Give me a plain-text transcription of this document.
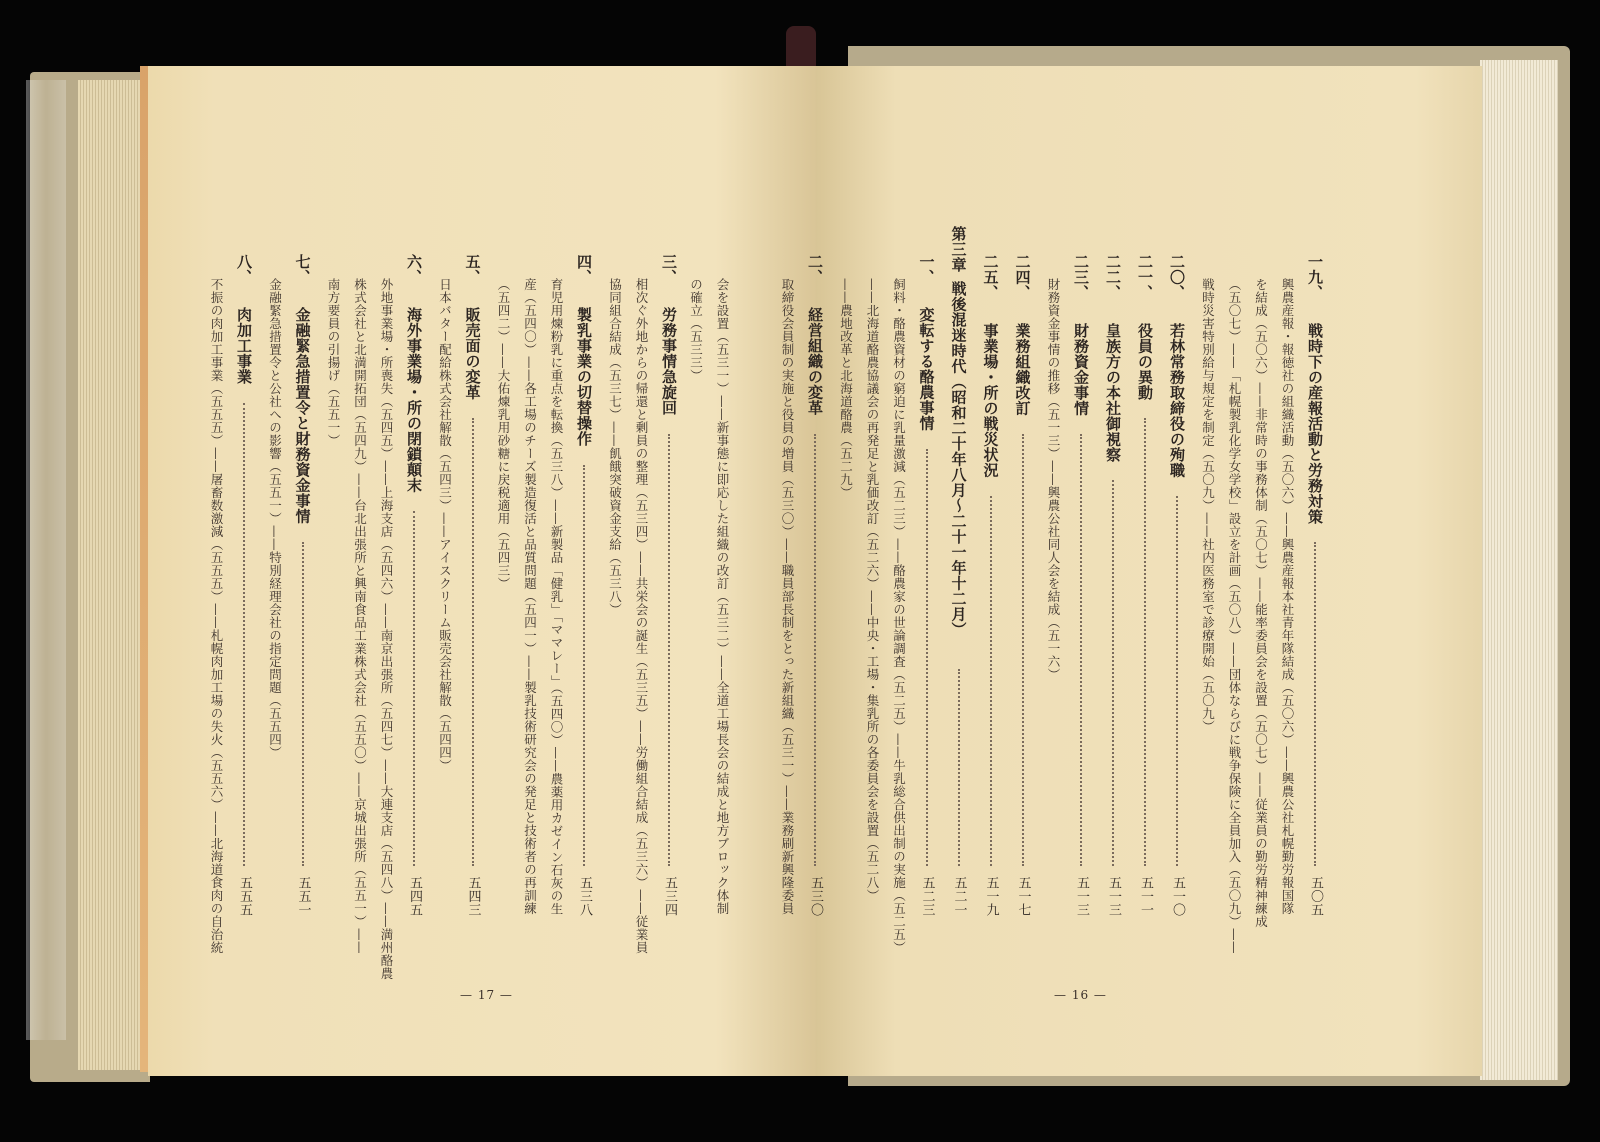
会を設置（五三一）——新事態に即応した組織の改訂（五三二）——全道工場長会の結成と地方ブロック体制
の確立（五三三）
三、
労務事情急旋回
五三四
相次ぐ外地からの帰還と剰員の整理（五三四）——共栄会の誕生（五三五）——労働組合結成（五三六）——従業員
協同組合結成（五三七）——飢餓突破資金支給（五三八）
四、
製乳事業の切替操作
五三八
育児用煉粉乳に重点を転換（五三八）——新製品「健乳」「ママレー」（五四〇）——農薬用カゼイン石灰の生
産（五四〇）——各工場のチーズ製造復活と品質問題（五四一）——製乳技術研究会の発足と技術者の再訓練
（五四二）——大佑煉乳用砂糖に戻税適用（五四三）
五、
販売面の変革
五四三
日本バター配給株式会社解散（五四三）——アイスクリーム販売会社解散（五四四）
六、
海外事業場・所の閉鎖顛末
五四五
外地事業場・所喪失（五四五）——上海支店（五四六）——南京出張所（五四七）——大連支店（五四八）——満州酪農
株式会社と北満開拓団（五四九）——台北出張所と興南食品工業株式会社（五五〇）——京城出張所（五五一）——
南方要員の引揚げ（五五一）
七、
金融緊急措置令と財務資金事情
五五一
金融緊急措置令と公社への影響（五五一）——特別経理会社の指定問題（五五四）
八、
肉加工事業
五五五
不振の肉加工事業（五五五）——屠畜数激減（五五五）——札幌肉加工場の失火（五五六）——北海道食肉の自治統
— 17 —
一九、
戦時下の産報活動と労務対策
五〇五
興農産報・報徳社の組織活動（五〇六）——興農産報本社青年隊結成（五〇六）——興農公社札幌勤労報国隊
を結成（五〇六）——非常時の事務体制（五〇七）——能率委員会を設置（五〇七）——従業員の勤労精神練成
（五〇七）——「札幌製乳化学女学校」設立を計画（五〇八）——団体ならびに戦争保険に全員加入（五〇九）——
戦時災害特別給与規定を制定（五〇九）——社内医務室で診療開始（五〇九）
二〇、
若林常務取締役の殉職
五一〇
二一、
役員の異動
五一一
二二、
皇族方の本社御視察
五一三
二三、
財務資金事情
五一三
財務資金事情の推移（五一三）——興農公社同人会を結成（五一六）
二四、
業務組織改訂
五一七
二五、
事業場・所の戦災状況
五一九
第三章
戦後混迷時代（昭和二十年八月〜二十一年十二月）
五二一
一、
変転する酪農事情
五二三
飼料・酪農資材の窮迫に乳量激減（五二三）——酪農家の世論調査（五二五）——牛乳総合供出制の実施（五二五）
——北海道酪農協議会の再発足と乳価改訂（五二六）——中央・工場・集乳所の各委員会を設置（五二八）
——農地改革と北海道酪農（五二九）
二、
経営組織の変革
五三〇
取締役会員制の実施と役員の増員（五三〇）——職員部長制をとった新組織（五三一）——業務刷新興隆委員
— 16 —
